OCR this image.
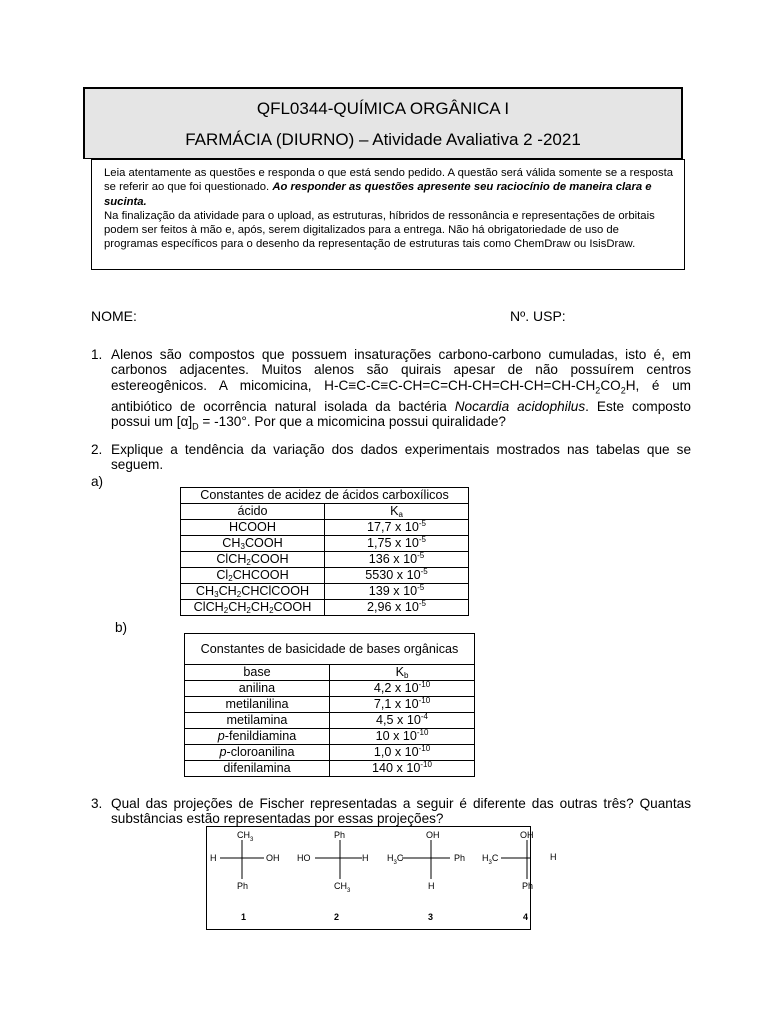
QFL0344-QUÍMICA ORGÂNICA I
FARMÁCIA (DIURNO) – Atividade Avaliativa 2 -2021
Leia atentamente as questões e responda o que está sendo pedido. A questão será válida somente se a resposta se referir ao que foi questionado. Ao responder as questões apresente seu raciocínio de maneira clara e sucinta.
Na finalização da atividade para o upload, as estruturas, híbridos de ressonância e representações de orbitais podem ser feitos à mão e, após, serem digitalizados para a entrega. Não há obrigatoriedade de uso de programas específicos para o desenho da representação de estruturas tais como ChemDraw ou IsisDraw.
NOME:	Nº. USP:
1. Alenos são compostos que possuem insaturações carbono-carbono cumuladas, isto é, em carbonos adjacentes. Muitos alenos são quirais apesar de não possuírem centros estereogênicos. A micomicina, $H-C\equiv C-C\equiv C-CH=C=CH-CH=CH-CH=CH-CH_2CO_2H$, é um antibiótico de ocorrência natural isolada da bactéria Nocardia acidophilus. Este composto possui um $[\alpha]_D = -130^\circ$. Por que a micomicina possui quiralidade?
2. Explique a tendência da variação dos dados experimentais mostrados nas tabelas que se seguem.
a)
Constantes de acidez de ácidos carboxílicos	
ácido	$K_a$
HCOOH	17,7 x $10^{-5}$
$CH_3COOH$	1,75 x $10^{-5}$
ClCH$_2$COOH	136 x $10^{-5}$
$Cl_2CHCOOH$	5530 x $10^{-5}$
$CH_3CH_2CHClCOOH$	139 x $10^{-5}$
$ClCH_2CH_2CH_2COOH$	2,96 x $10^{-5}$
b)
Constantes de basicidade de bases orgânicas	
base	$K_b$
anilina	4,2 x $10^{-10}$
metilanilina	7,1 x $10^{-10}$
metilamina	4,5 x $10^{-4}$
p-fenildiamina	10 x $10^{-10}$
p-cloroanilina	1,0 x $10^{-10}$
difenilamina	140 x $10^{-10}$
3. Qual das projeções de Fischer representadas a seguir é diferente das outras três? Quantas substâncias estão representadas por essas projeções?
$CH_3$
H	OH
Ph
1
Ph
HO	H
$CH_3$
2
OH
$H_3C$	Ph
H
3
OH
$H_3C$
Ph
4
H
